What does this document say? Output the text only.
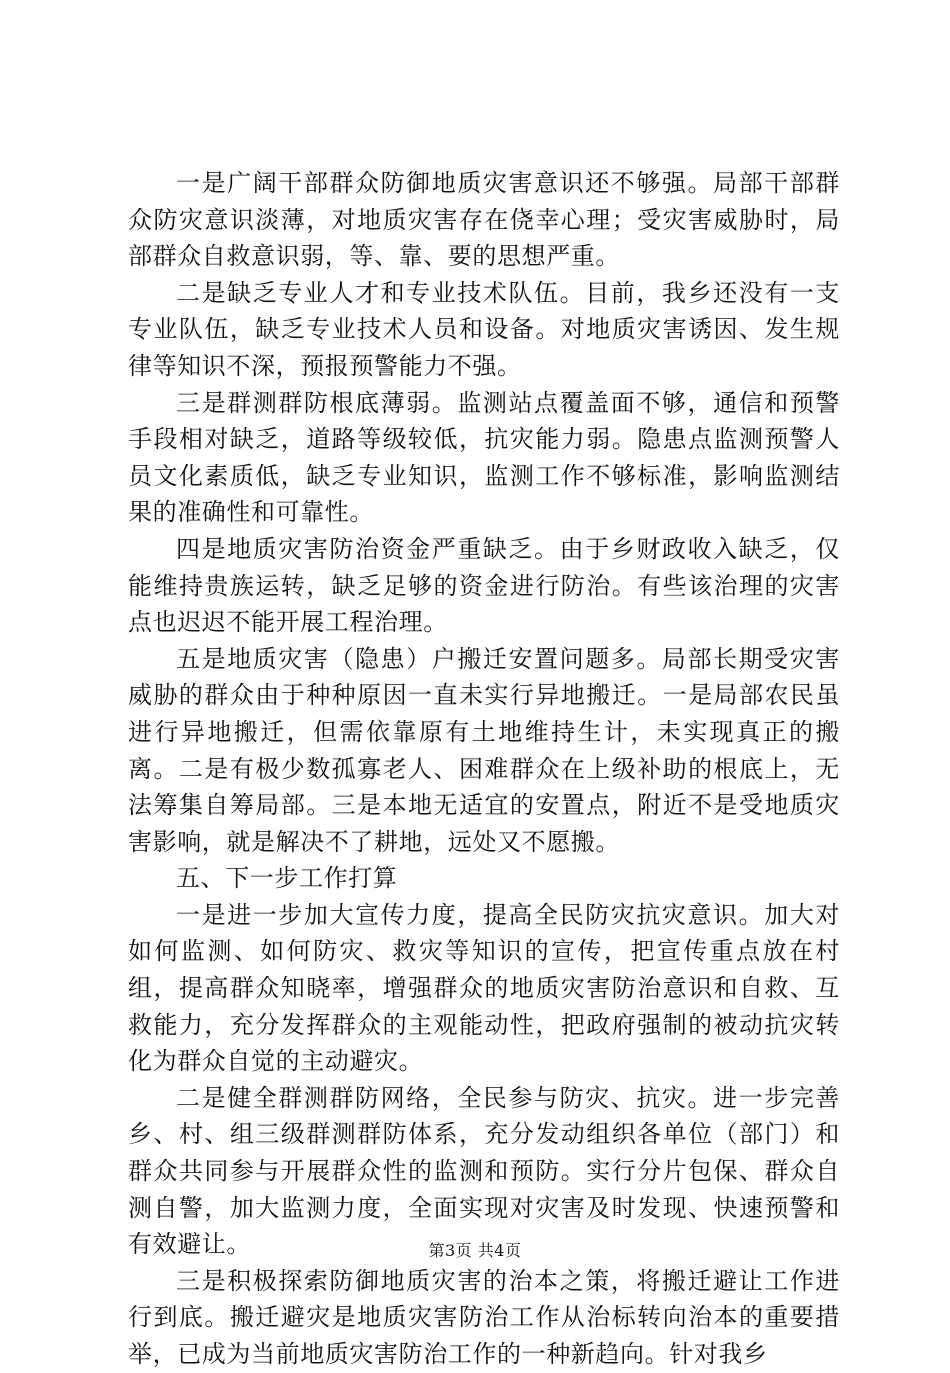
一是广阔干部群众防御地质灾害意识还不够强。局部干部群众防灾意识淡薄，对地质灾害存在侥幸心理；受灾害威胁时，局部群众自救意识弱，等、靠、要的思想严重。

二是缺乏专业人才和专业技术队伍。目前，我乡还没有一支专业队伍，缺乏专业技术人员和设备。对地质灾害诱因、发生规律等知识不深，预报预警能力不强。

三是群测群防根底薄弱。监测站点覆盖面不够，通信和预警手段相对缺乏，道路等级较低，抗灾能力弱。隐患点监测预警人员文化素质低，缺乏专业知识，监测工作不够标准，影响监测结果的准确性和可靠性。

四是地质灾害防治资金严重缺乏。由于乡财政收入缺乏，仅能维持贵族运转，缺乏足够的资金进行防治。有些该治理的灾害点也迟迟不能开展工程治理。

五是地质灾害（隐患）户搬迁安置问题多。局部长期受灾害威胁的群众由于种种原因一直未实行异地搬迁。一是局部农民虽进行异地搬迁，但需依靠原有土地维持生计，未实现真正的搬离。二是有极少数孤寡老人、困难群众在上级补助的根底上，无法筹集自筹局部。三是本地无适宜的安置点，附近不是受地质灾害影响，就是解决不了耕地，远处又不愿搬。

五、下一步工作打算

一是进一步加大宣传力度，提高全民防灾抗灾意识。加大对如何监测、如何防灾、救灾等知识的宣传，把宣传重点放在村组，提高群众知晓率，增强群众的地质灾害防治意识和自救、互救能力，充分发挥群众的主观能动性，把政府强制的被动抗灾转化为群众自觉的主动避灾。

二是健全群测群防网络，全民参与防灾、抗灾。进一步完善乡、村、组三级群测群防体系，充分发动组织各单位（部门）和群众共同参与开展群众性的监测和预防。实行分片包保、群众自测自警，加大监测力度，全面实现对灾害及时发现、快速预警和有效避让。

三是积极探索防御地质灾害的治本之策，将搬迁避让工作进行到底。搬迁避灾是地质灾害防治工作从治标转向治本的重要措举，已成为当前地质灾害防治工作的一种新趋向。针对我乡

第3页 共4页
